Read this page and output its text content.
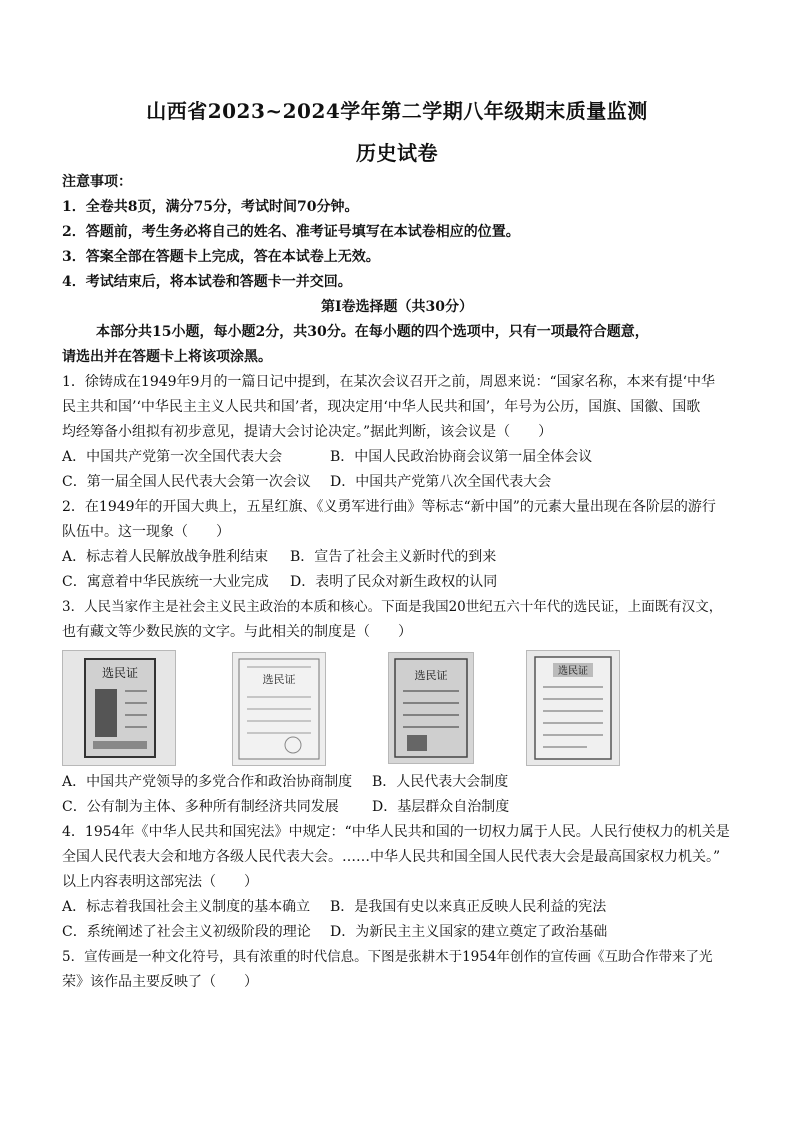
山西省2023~2024学年第二学期八年级期末质量监测
历史试卷
注意事项：
1．全卷共8页，满分75分，考试时间70分钟。
2．答题前，考生务必将自己的姓名、准考证号填写在本试卷相应的位置。
3．答案全部在答题卡上完成，答在本试卷上无效。
4．考试结束后，将本试卷和答题卡一并交回。
第Ⅰ卷选择题（共30分）
本部分共15小题，每小题2分，共30分。在每小题的四个选项中，只有一项最符合题意，
请选出并在答题卡上将该项涂黑。
1．徐铸成在1949年9月的一篇日记中提到，在某次会议召开之前，周恩来说：“国家名称，本来有提‘中华
民主共和国’‘中华民主主义人民共和国’者，现决定用‘中华人民共和国’，年号为公历，国旗、国徽、国歌
均经筹备小组拟有初步意见，提请大会讨论决定。”据此判断，该会议是（　　）
A．中国共产党第一次全国代表大会	B．中国人民政治协商会议第一届全体会议
C．第一届全国人民代表大会第一次会议 D．中国共产党第八次全国代表大会
2．在1949年的开国大典上，五星红旗、《义勇军进行曲》等标志“新中国”的元素大量出现在各阶层的游行
队伍中。这一现象（　　）
A．标志着人民解放战争胜利结束 B．宣告了社会主义新时代的到来
C．寓意着中华民族统一大业完成 D．表明了民众对新生政权的认同
3．人民当家作主是社会主义民主政治的本质和核心。下面是我国20世纪五六十年代的选民证，上面既有汉文，
也有藏文等少数民族的文字。与此相关的制度是（　　）
选民证	选民证	选民证	选民证
A．中国共产党领导的多党合作和政治协商制度 B．人民代表大会制度
C．公有制为主体、多种所有制经济共同发展 D．基层群众自治制度
4．1954年《中华人民共和国宪法》中规定：“中华人民共和国的一切权力属于人民。人民行使权力的机关是
全国人民代表大会和地方各级人民代表大会。……中华人民共和国全国人民代表大会是最高国家权力机关。”
以上内容表明这部宪法（　　）
A．标志着我国社会主义制度的基本确立 B．是我国有史以来真正反映人民利益的宪法
C．系统阐述了社会主义初级阶段的理论 D．为新民主主义国家的建立奠定了政治基础
5．宣传画是一种文化符号，具有浓重的时代信息。下图是张耕木于1954年创作的宣传画《互助合作带来了光
荣》该作品主要反映了（　　）
